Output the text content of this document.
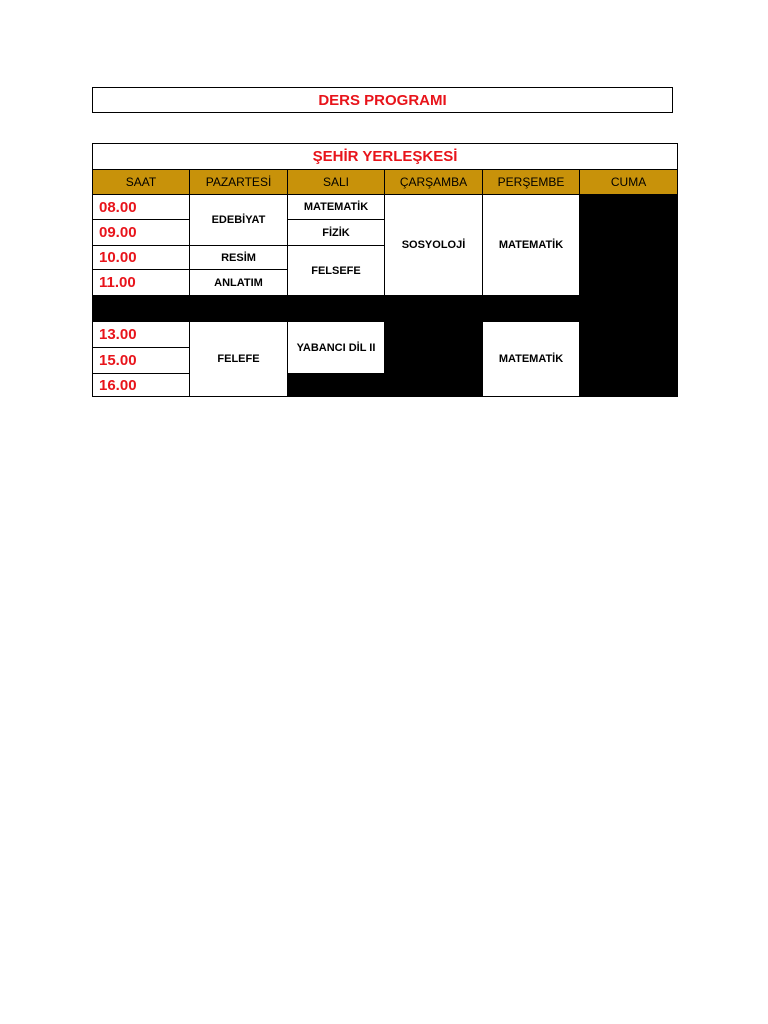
DERS PROGRAMI
ŞEHİR YERLEŞKESİ					
SAAT	PAZARTESİ	SALI	ÇARŞAMBA	PERŞEMBE	CUMA
08.00	EDEBİYAT	MATEMATİK	SOSYOLOJİ	MATEMATİK	
09.00		FİZİK			
10.00	RESİM	FELSEFE			
11.00	ANLATIM				

13.00	FELEFE	YABANCI DİL II		MATEMATİK	
15.00					
16.00					
